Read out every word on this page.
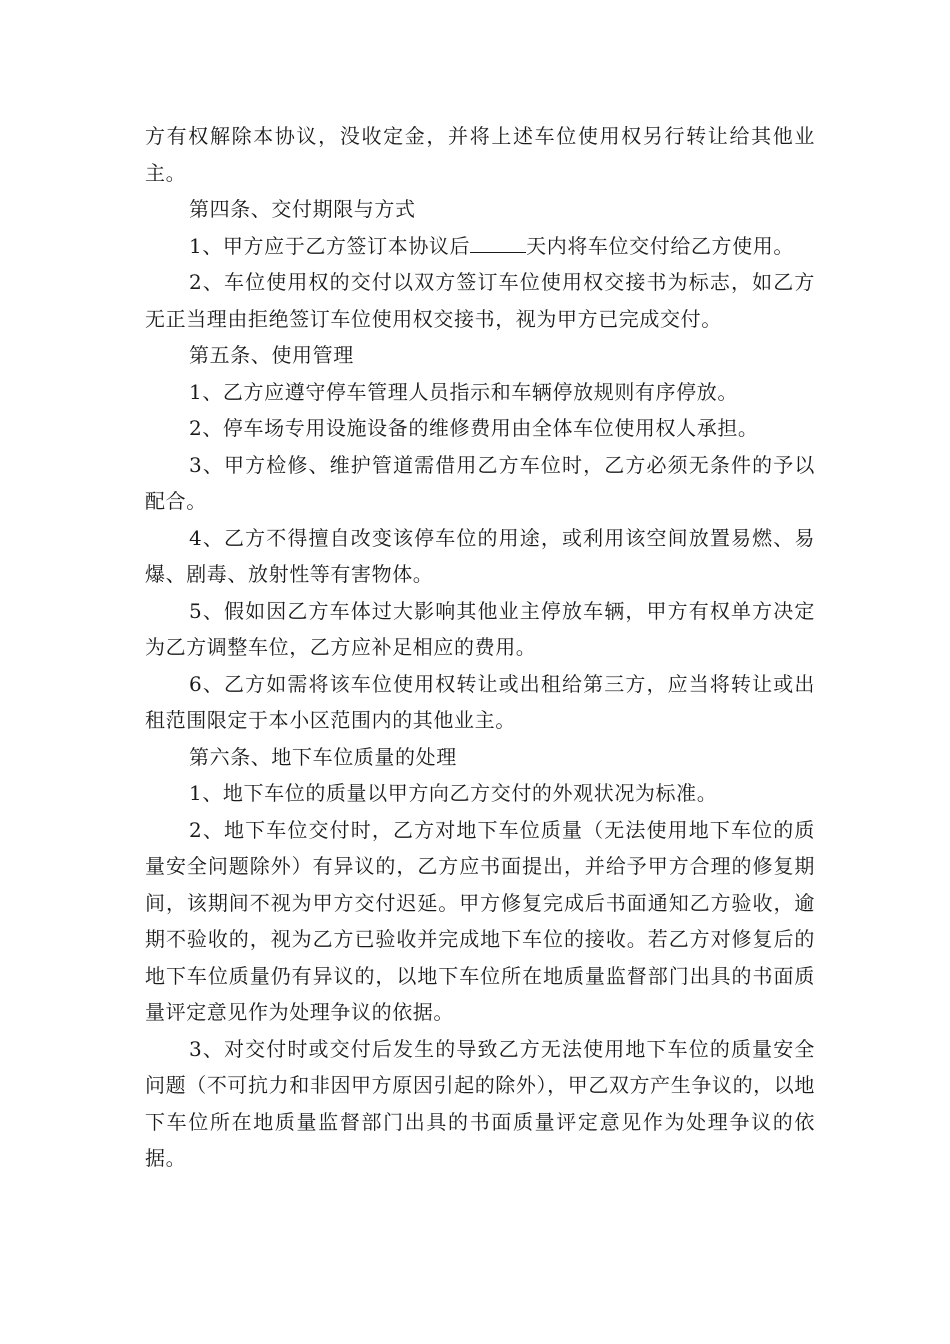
方有权解除本协议，没收定金，并将上述车位使用权另行转让给其他业主。

第四条、交付期限与方式

1、甲方应于乙方签订本协议后	天内将车位交付给乙方使用。

2、车位使用权的交付以双方签订车位使用权交接书为标志，如乙方无正当理由拒绝签订车位使用权交接书，视为甲方已完成交付。

第五条、使用管理

1、乙方应遵守停车管理人员指示和车辆停放规则有序停放。

2、停车场专用设施设备的维修费用由全体车位使用权人承担。

3、甲方检修、维护管道需借用乙方车位时，乙方必须无条件的予以配合。

4、乙方不得擅自改变该停车位的用途，或利用该空间放置易燃、易爆、剧毒、放射性等有害物体。

5、假如因乙方车体过大影响其他业主停放车辆，甲方有权单方决定为乙方调整车位，乙方应补足相应的费用。

6、乙方如需将该车位使用权转让或出租给第三方，应当将转让或出租范围限定于本小区范围内的其他业主。

第六条、地下车位质量的处理

1、地下车位的质量以甲方向乙方交付的外观状况为标准。

2、地下车位交付时，乙方对地下车位质量（无法使用地下车位的质量安全问题除外）有异议的，乙方应书面提出，并给予甲方合理的修复期间，该期间不视为甲方交付迟延。甲方修复完成后书面通知乙方验收，逾期不验收的，视为乙方已验收并完成地下车位的接收。若乙方对修复后的地下车位质量仍有异议的，以地下车位所在地质量监督部门出具的书面质量评定意见作为处理争议的依据。

3、对交付时或交付后发生的导致乙方无法使用地下车位的质量安全问题（不可抗力和非因甲方原因引起的除外），甲乙双方产生争议的，以地下车位所在地质量监督部门出具的书面质量评定意见作为处理争议的依据。
